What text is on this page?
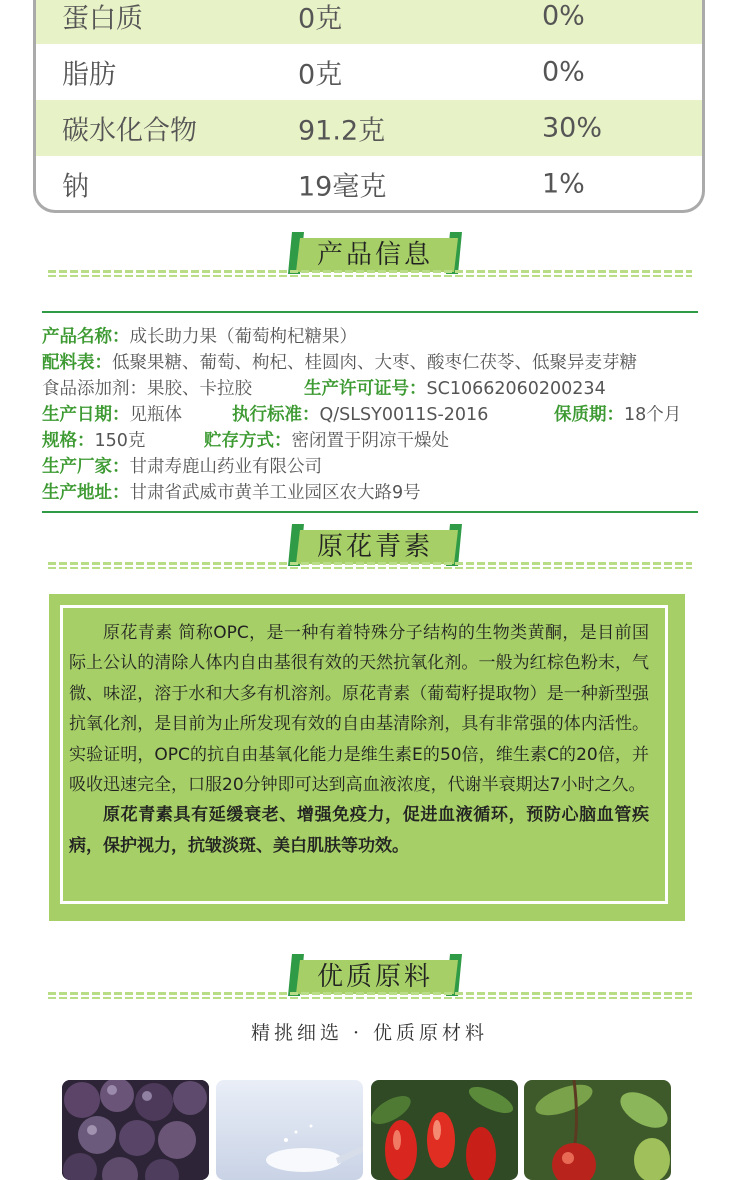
蛋白质	0克	0%
脂肪	0克	0%
碳水化合物	91.2克	30%
钠	19毫克	1%
产品信息
产品名称：成长助力果（葡萄枸杞糖果）
配料表：低聚果糖、葡萄、枸杞、桂圆肉、大枣、酸枣仁茯苓、低聚异麦芽糖
食品添加剂：果胶、卡拉胶	生产许可证号：SC10662060200234
生产日期：见瓶体	执行标准：Q/SLSY0011S-2016	保质期：18个月
规格：150克	贮存方式：密闭置于阴凉干燥处
生产厂家：甘肃寿鹿山药业有限公司
生产地址：甘肃省武威市黄羊工业园区农大路9号
原花青素

原花青素 简称OPC，是一种有着特殊分子结构的生物类黄酮，是目前国际上公认的清除人体内自由基很有效的天然抗氧化剂。一般为红棕色粉末，气微、味涩，溶于水和大多有机溶剂。原花青素（葡萄籽提取物）是一种新型强抗氧化剂，是目前为止所发现有效的自由基清除剂，具有非常强的体内活性。实验证明，OPC的抗自由基氧化能力是维生素E的50倍，维生素C的20倍，并吸收迅速完全，口服20分钟即可达到高血液浓度，代谢半衰期达7小时之久。

原花青素具有延缓衰老、增强免疫力，促进血液循环，预防心脑血管疾病，保护视力，抗皱淡斑、美白肌肤等功效。

优质原料
精挑细选 · 优质原材料
